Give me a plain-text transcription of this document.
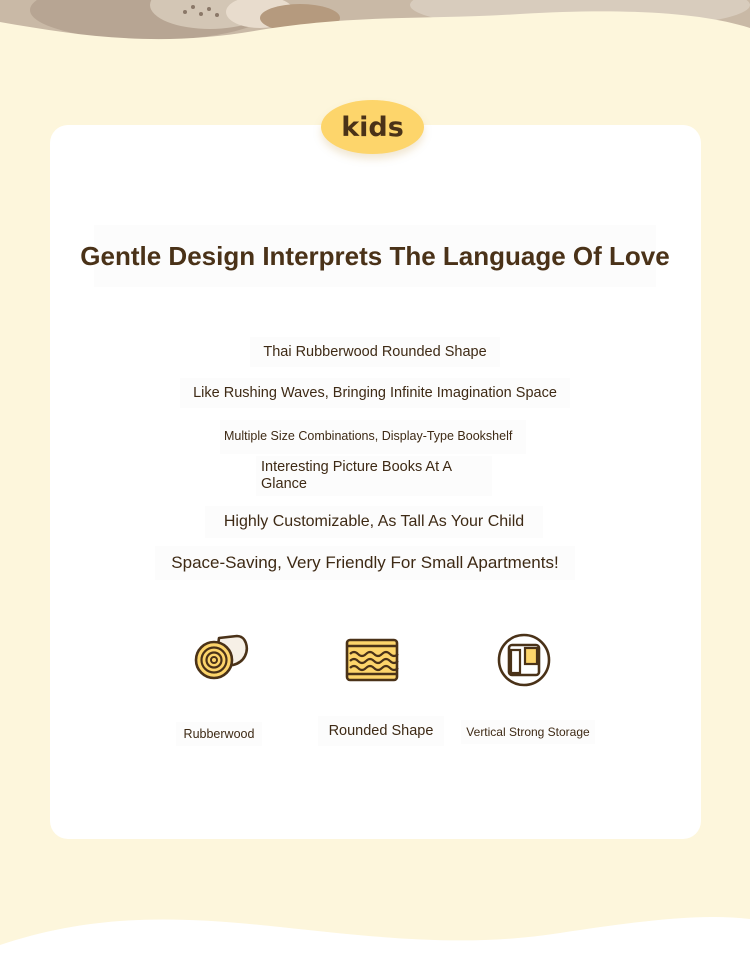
kids
Gentle Design Interprets The Language Of Love
Thai Rubberwood Rounded Shape
Like Rushing Waves, Bringing Infinite Imagination Space
Multiple Size Combinations, Display-Type Bookshelf
Interesting Picture Books At A Glance
Highly Customizable, As Tall As Your Child
Space-Saving, Very Friendly For Small Apartments!
Rubberwood	Rounded Shape	Vertical Strong Storage
